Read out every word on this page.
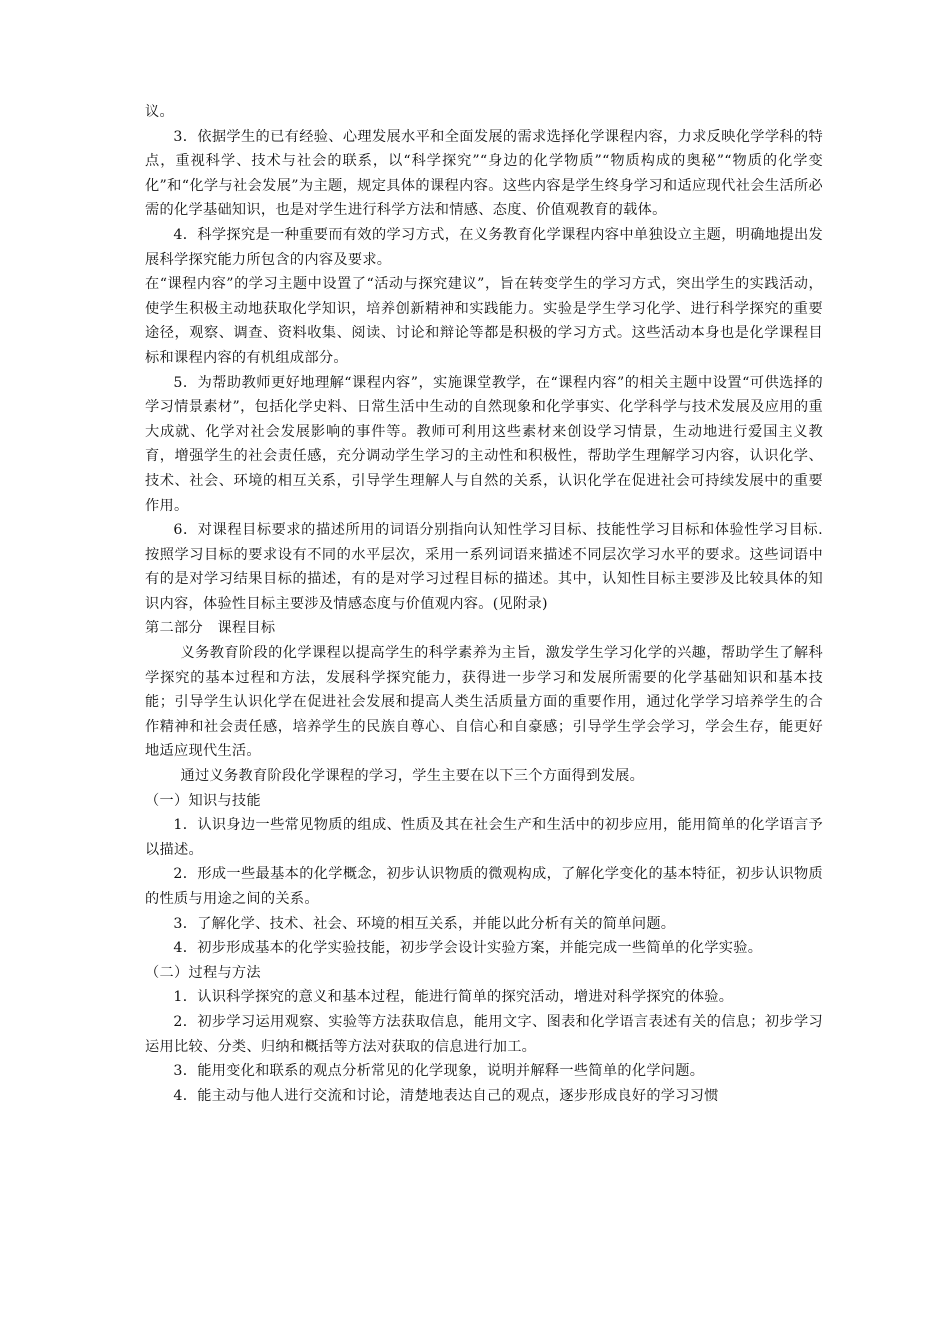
议。

3．依据学生的已有经验、心理发展水平和全面发展的需求选择化学课程内容，力求反映化学学科的特点，重视科学、技术与社会的联系，以“科学探究”“身边的化学物质”“物质构成的奥秘”“物质的化学变化”和“化学与社会发展”为主题，规定具体的课程内容。这些内容是学生终身学习和适应现代社会生活所必需的化学基础知识，也是对学生进行科学方法和情感、态度、价值观教育的载体。

4．科学探究是一种重要而有效的学习方式，在义务教育化学课程内容中单独设立主题，明确地提出发展科学探究能力所包含的内容及要求。

在“课程内容”的学习主题中设置了“活动与探究建议”，旨在转变学生的学习方式，突出学生的实践活动，使学生积极主动地获取化学知识，培养创新精神和实践能力。实验是学生学习化学、进行科学探究的重要途径，观察、调查、资料收集、阅读、讨论和辩论等都是积极的学习方式。这些活动本身也是化学课程目标和课程内容的有机组成部分。

5．为帮助教师更好地理解“课程内容”，实施课堂教学，在“课程内容”的相关主题中设置“可供选择的学习情景素材”，包括化学史料、日常生活中生动的自然现象和化学事实、化学科学与技术发展及应用的重大成就、化学对社会发展影响的事件等。教师可利用这些素材来创设学习情景，生动地进行爱国主义教育，增强学生的社会责任感，充分调动学生学习的主动性和积极性，帮助学生理解学习内容，认识化学、技术、社会、环境的相互关系，引导学生理解人与自然的关系，认识化学在促进社会可持续发展中的重要作用。

6．对课程目标要求的描述所用的词语分别指向认知性学习目标、技能性学习目标和体验性学习目标. 按照学习目标的要求设有不同的水平层次，采用一系列词语来描述不同层次学习水平的要求。这些词语中有的是对学习结果目标的描述，有的是对学习过程目标的描述。其中，认知性目标主要涉及比较具体的知识内容，体验性目标主要涉及情感态度与价值观内容。(见附录)

第二部分　课程目标

义务教育阶段的化学课程以提高学生的科学素养为主旨，激发学生学习化学的兴趣，帮助学生了解科学探究的基本过程和方法，发展科学探究能力，获得进一步学习和发展所需要的化学基础知识和基本技能；引导学生认识化学在促进社会发展和提高人类生活质量方面的重要作用，通过化学学习培养学生的合作精神和社会责任感，培养学生的民族自尊心、自信心和自豪感；引导学生学会学习，学会生存，能更好地适应现代生活。

通过义务教育阶段化学课程的学习，学生主要在以下三个方面得到发展。

（一）知识与技能

1．认识身边一些常见物质的组成、性质及其在社会生产和生活中的初步应用，能用简单的化学语言予以描述。

2．形成一些最基本的化学概念，初步认识物质的微观构成，了解化学变化的基本特征，初步认识物质的性质与用途之间的关系。

3．了解化学、技术、社会、环境的相互关系，并能以此分析有关的简单问题。

4．初步形成基本的化学实验技能，初步学会设计实验方案，并能完成一些简单的化学实验。

（二）过程与方法

1．认识科学探究的意义和基本过程，能进行简单的探究活动，增进对科学探究的体验。

2．初步学习运用观察、实验等方法获取信息，能用文字、图表和化学语言表述有关的信息；初步学习运用比较、分类、归纳和概括等方法对获取的信息进行加工。

3．能用变化和联系的观点分析常见的化学现象，说明并解释一些简单的化学问题。

4．能主动与他人进行交流和讨论，清楚地表达自己的观点，逐步形成良好的学习习惯
